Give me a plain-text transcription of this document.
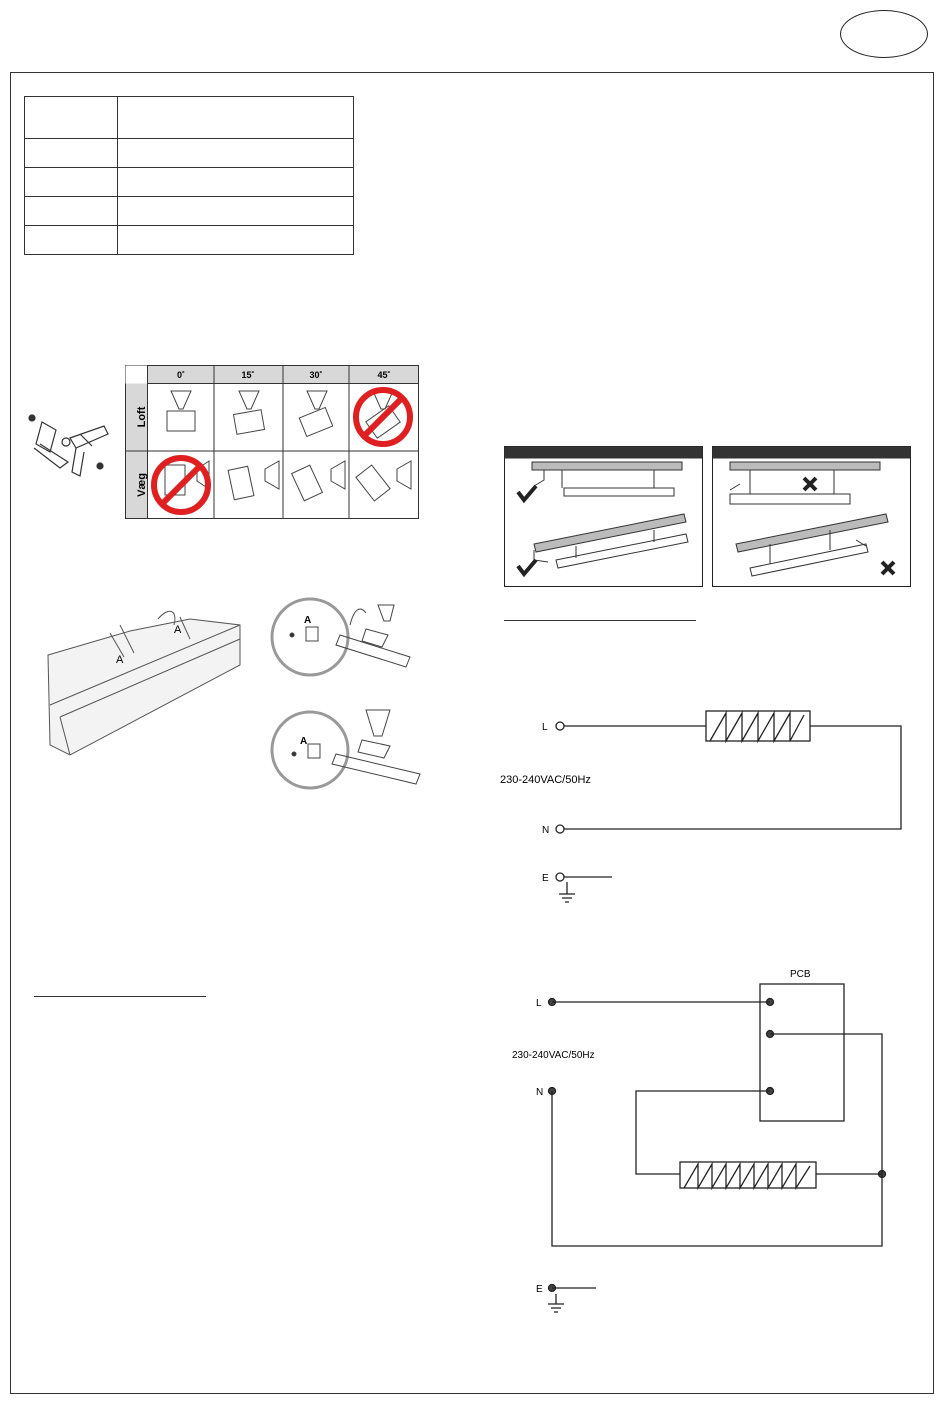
0˚	15˚	30˚	45˚
Loft
Væg
A
A
A
A
L
N
E
230-240VAC/50Hz
PCB
L
N
E
230-240VAC/50Hz
